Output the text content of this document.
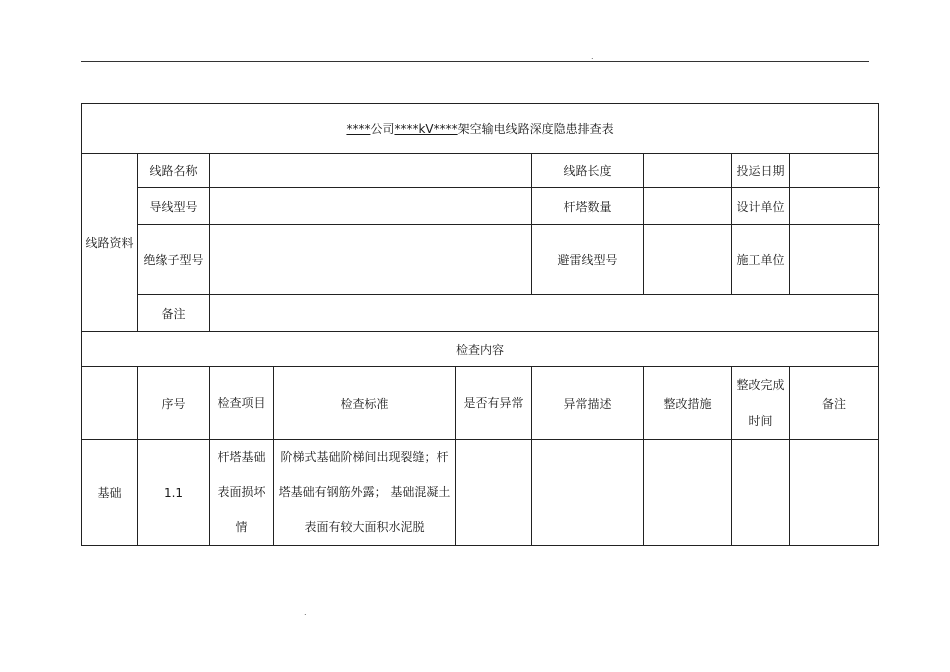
.
****公司****kV****架空输电线路深度隐患排查表								
线路资料	线路名称				线路长度		投运日期	
	导线型号				杆塔数量		设计单位	
	绝缘子型号				避雷线型号		施工单位	
	备注							
检查内容								
	序号	检查项目	检查标准	是否有异常	异常描述	整改措施	整改完成时间	备注
基础	1.1	杆塔基础表面损坏情	阶梯式基础阶梯间出现裂缝；杆塔基础有钢筋外露； 基础混凝土表面有较大面积水泥脱					
.
